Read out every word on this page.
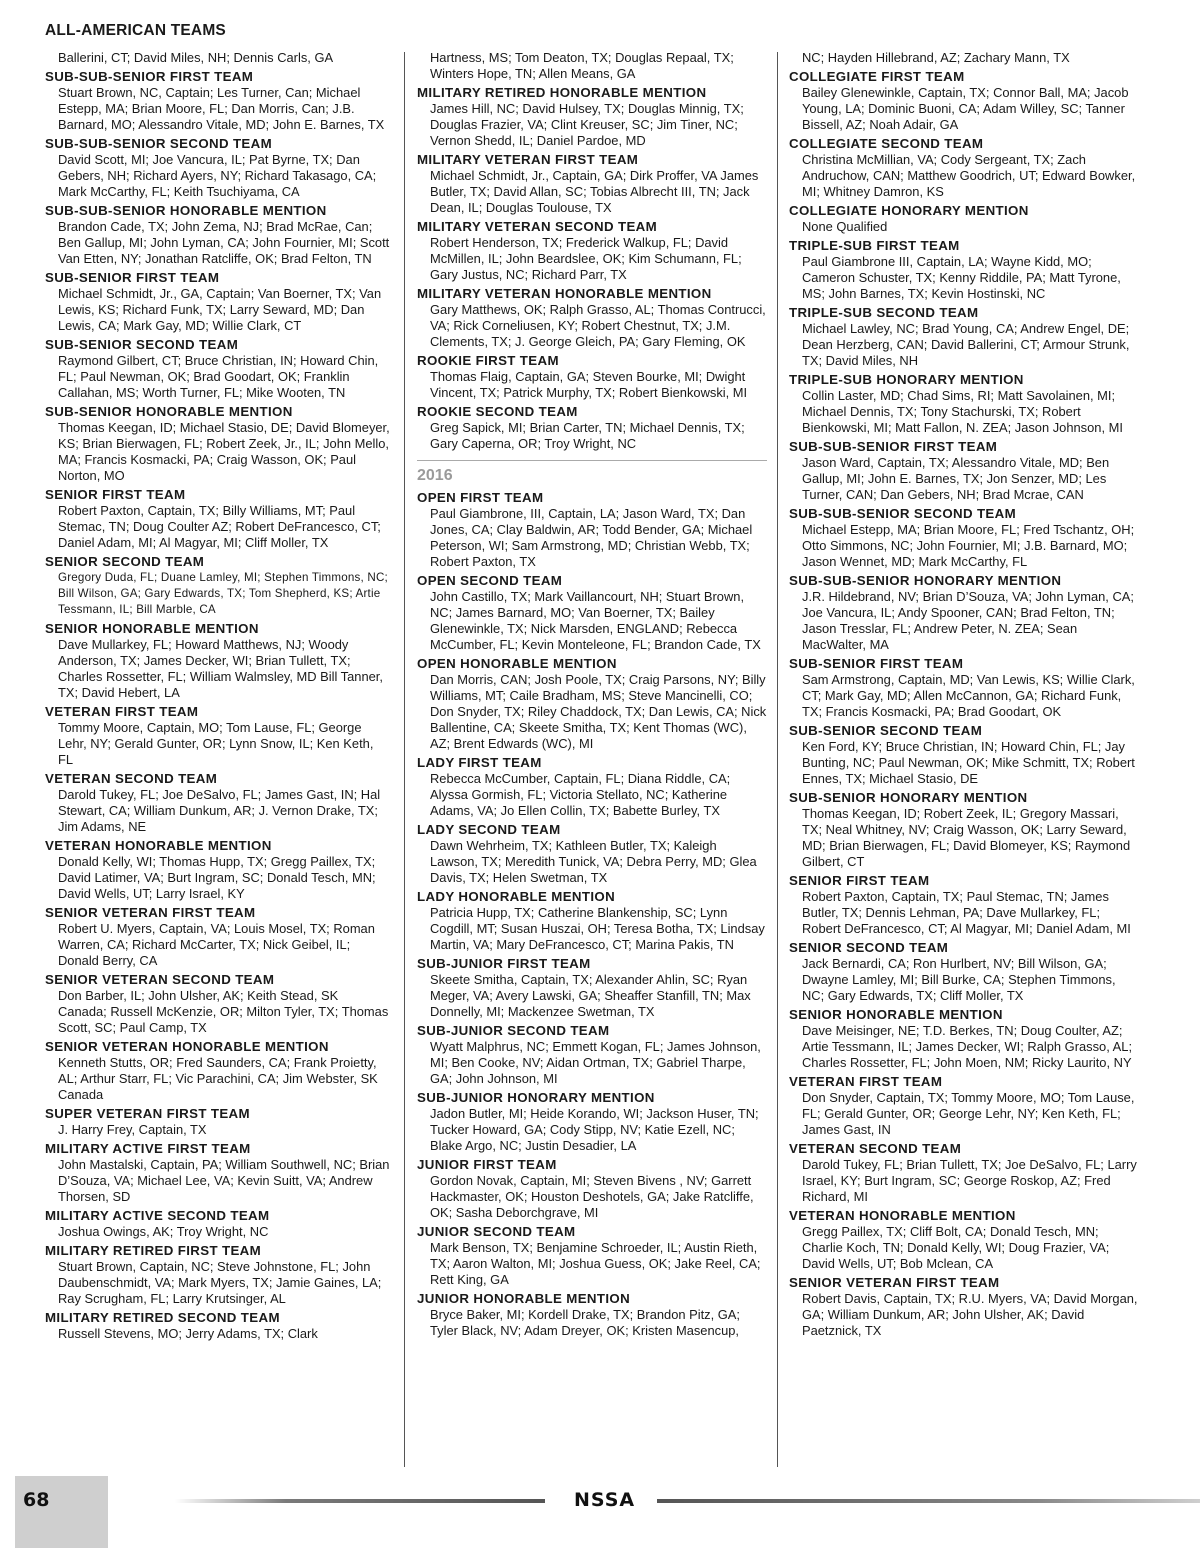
ALL-AMERICAN TEAMS
Ballerini, CT; David Miles, NH; Dennis Carls, GA
SUB-SUB-SENIOR FIRST TEAM
Stuart Brown, NC, Captain; Les Turner, Can; Michael Estepp, MA; Brian Moore, FL; Dan Morris, Can; J.B. Barnard, MO; Alessandro Vitale, MD; John E. Barnes, TX
SUB-SUB-SENIOR SECOND TEAM
David Scott, MI; Joe Vancura, IL; Pat Byrne, TX; Dan Gebers, NH; Richard Ayers, NY; Richard Takasago, CA; Mark McCarthy, FL; Keith Tsuchiyama, CA
SUB-SUB-SENIOR HONORABLE MENTION
Brandon Cade, TX; John Zema, NJ; Brad McRae, Can; Ben Gallup, MI; John Lyman, CA; John Fournier, MI; Scott Van Etten, NY; Jonathan Ratcliffe, OK; Brad Felton, TN
SUB-SENIOR FIRST TEAM
Michael Schmidt, Jr., GA, Captain; Van Boerner, TX; Van Lewis, KS; Richard Funk, TX; Larry Seward, MD; Dan Lewis, CA; Mark Gay, MD; Willie Clark, CT
SUB-SENIOR SECOND TEAM
Raymond Gilbert, CT; Bruce Christian, IN; Howard Chin, FL; Paul Newman, OK; Brad Goodart, OK; Franklin Callahan, MS; Worth Turner, FL; Mike Wooten, TN
SUB-SENIOR HONORABLE MENTION
Thomas Keegan, ID; Michael Stasio, DE; David Blomeyer, KS; Brian Bierwagen, FL; Robert Zeek, Jr., IL; John Mello, MA; Francis Kosmacki, PA; Craig Wasson, OK; Paul Norton, MO
SENIOR FIRST TEAM
Robert Paxton, Captain, TX; Billy Williams, MT; Paul Stemac, TN; Doug Coulter AZ; Robert DeFrancesco, CT; Daniel Adam, MI; Al Magyar, MI; Cliff Moller, TX
SENIOR SECOND TEAM
Gregory Duda, FL; Duane Lamley, MI; Stephen Timmons, NC; Bill Wilson, GA; Gary Edwards, TX; Tom Shepherd, KS; Artie Tessmann, IL; Bill Marble, CA
SENIOR HONORABLE MENTION
Dave Mullarkey, FL; Howard Matthews, NJ; Woody Anderson, TX; James Decker, WI; Brian Tullett, TX; Charles Rossetter, FL; William Walmsley, MD Bill Tanner, TX; David Hebert, LA
VETERAN FIRST TEAM
Tommy Moore, Captain, MO; Tom Lause, FL; George Lehr, NY; Gerald Gunter, OR; Lynn Snow, IL; Ken Keth, FL
VETERAN SECOND TEAM
Darold Tukey, FL; Joe DeSalvo, FL; James Gast, IN; Hal Stewart, CA; William Dunkum, AR; J. Vernon Drake, TX; Jim Adams, NE
VETERAN HONORABLE MENTION
Donald Kelly, WI; Thomas Hupp, TX; Gregg Paillex, TX; David Latimer, VA; Burt Ingram, SC; Donald Tesch, MN; David Wells, UT; Larry Israel, KY
SENIOR VETERAN FIRST TEAM
Robert U. Myers, Captain, VA; Louis Mosel, TX; Roman Warren, CA; Richard McCarter, TX; Nick Geibel, IL; Donald Berry, CA
SENIOR VETERAN SECOND TEAM
Don Barber, IL; John Ulsher, AK; Keith Stead, SK Canada; Russell McKenzie, OR; Milton Tyler, TX; Thomas Scott, SC; Paul Camp, TX
SENIOR VETERAN HONORABLE MENTION
Kenneth Stutts, OR; Fred Saunders, CA; Frank Proietty, AL; Arthur Starr, FL; Vic Parachini, CA; Jim Webster, SK Canada
SUPER VETERAN FIRST TEAM
J. Harry Frey, Captain, TX
MILITARY ACTIVE FIRST TEAM
John Mastalski, Captain, PA; William Southwell, NC; Brian D’Souza, VA; Michael Lee, VA; Kevin Suitt, VA; Andrew Thorsen, SD
MILITARY ACTIVE SECOND TEAM
Joshua Owings, AK; Troy Wright, NC
MILITARY RETIRED FIRST TEAM
Stuart Brown, Captain, NC; Steve Johnstone, FL; John Daubenschmidt, VA; Mark Myers, TX; Jamie Gaines, LA; Ray Scrugham, FL; Larry Krutsinger, AL
MILITARY RETIRED SECOND TEAM
Russell Stevens, MO; Jerry Adams, TX; Clark
Hartness, MS; Tom Deaton, TX; Douglas Repaal, TX; Winters Hope, TN; Allen Means, GA
MILITARY RETIRED HONORABLE MENTION
James Hill, NC; David Hulsey, TX; Douglas Minnig, TX; Douglas Frazier, VA; Clint Kreuser, SC; Jim Tiner, NC; Vernon Shedd, IL; Daniel Pardoe, MD
MILITARY VETERAN FIRST TEAM
Michael Schmidt, Jr., Captain, GA; Dirk Proffer, VA James Butler, TX; David Allan, SC; Tobias Albrecht III, TN; Jack Dean, IL; Douglas Toulouse, TX
MILITARY VETERAN SECOND TEAM
Robert Henderson, TX; Frederick Walkup, FL; David McMillen, IL; John Beardslee, OK; Kim Schumann, FL; Gary Justus, NC; Richard Parr, TX
MILITARY VETERAN HONORABLE MENTION
Gary Matthews, OK; Ralph Grasso, AL; Thomas Contrucci, VA; Rick Corneliusen, KY; Robert Chestnut, TX; J.M. Clements, TX; J. George Gleich, PA; Gary Fleming, OK
ROOKIE FIRST TEAM
Thomas Flaig, Captain, GA; Steven Bourke, MI; Dwight Vincent, TX; Patrick Murphy, TX; Robert Bienkowski, MI
ROOKIE SECOND TEAM
Greg Sapick, MI; Brian Carter, TN; Michael Dennis, TX; Gary Caperna, OR; Troy Wright, NC
2016
OPEN FIRST TEAM
Paul Giambrone, III, Captain, LA; Jason Ward, TX; Dan Jones, CA; Clay Baldwin, AR; Todd Bender, GA; Michael Peterson, WI; Sam Armstrong, MD; Christian Webb, TX; Robert Paxton, TX
OPEN SECOND TEAM
John Castillo, TX; Mark Vaillancourt, NH; Stuart Brown, NC; James Barnard, MO; Van Boerner, TX; Bailey Glenewinkle, TX; Nick Marsden, ENGLAND; Rebecca McCumber, FL; Kevin Monteleone, FL; Brandon Cade, TX
OPEN HONORABLE MENTION
Dan Morris, CAN; Josh Poole, TX; Craig Parsons, NY; Billy Williams, MT; Caile Bradham, MS; Steve Mancinelli, CO; Don Snyder, TX; Riley Chaddock, TX; Dan Lewis, CA; Nick Ballentine, CA; Skeete Smitha, TX; Kent Thomas (WC), AZ; Brent Edwards (WC), MI
LADY FIRST TEAM
Rebecca McCumber, Captain, FL; Diana Riddle, CA; Alyssa Gormish, FL; Victoria Stellato, NC; Katherine Adams, VA; Jo Ellen Collin, TX; Babette Burley, TX
LADY SECOND TEAM
Dawn Wehrheim, TX; Kathleen Butler, TX; Kaleigh Lawson, TX; Meredith Tunick, VA; Debra Perry, MD; Glea Davis, TX; Helen Swetman, TX
LADY HONORABLE MENTION
Patricia Hupp, TX; Catherine Blankenship, SC; Lynn Cogdill, MT; Susan Huszai, OH; Teresa Botha, TX; Lindsay Martin, VA; Mary DeFrancesco, CT; Marina Pakis, TN
SUB-JUNIOR FIRST TEAM
Skeete Smitha, Captain, TX; Alexander Ahlin, SC; Ryan Meger, VA; Avery Lawski, GA; Sheaffer Stanfill, TN; Max Donnelly, MI; Mackenzee Swetman, TX
SUB-JUNIOR SECOND TEAM
Wyatt Malphrus, NC; Emmett Kogan, FL; James Johnson, MI; Ben Cooke, NV; Aidan Ortman, TX; Gabriel Tharpe, GA; John Johnson, MI
SUB-JUNIOR HONORARY MENTION
Jadon Butler, MI; Heide Korando, WI; Jackson Huser, TN; Tucker Howard, GA; Cody Stipp, NV; Katie Ezell, NC; Blake Argo, NC; Justin Desadier, LA
JUNIOR FIRST TEAM
Gordon Novak, Captain, MI; Steven Bivens , NV; Garrett Hackmaster, OK; Houston Deshotels, GA; Jake Ratcliffe, OK; Sasha Deborchgrave, MI
JUNIOR SECOND TEAM
Mark Benson, TX; Benjamine Schroeder, IL; Austin Rieth, TX; Aaron Walton, MI; Joshua Guess, OK; Jake Reel, CA; Rett King, GA
JUNIOR HONORABLE MENTION
Bryce Baker, MI; Kordell Drake, TX; Brandon Pitz, GA; Tyler Black, NV; Adam Dreyer, OK; Kristen Masencup,
NC; Hayden Hillebrand, AZ; Zachary Mann, TX
COLLEGIATE FIRST TEAM
Bailey Glenewinkle, Captain, TX; Connor Ball, MA; Jacob Young, LA; Dominic Buoni, CA; Adam Willey, SC; Tanner Bissell, AZ; Noah Adair, GA
COLLEGIATE SECOND TEAM
Christina McMillian, VA; Cody Sergeant, TX; Zach Andruchow, CAN; Matthew Goodrich, UT; Edward Bowker, MI; Whitney Damron, KS
COLLEGIATE HONORARY MENTION
None Qualified
TRIPLE-SUB FIRST TEAM
Paul Giambrone III, Captain, LA; Wayne Kidd, MO; Cameron Schuster, TX; Kenny Riddile, PA; Matt Tyrone, MS; John Barnes, TX; Kevin Hostinski, NC
TRIPLE-SUB SECOND TEAM
Michael Lawley, NC; Brad Young, CA; Andrew Engel, DE; Dean Herzberg, CAN; David Ballerini, CT; Armour Strunk, TX; David Miles, NH
TRIPLE-SUB HONORARY MENTION
Collin Laster, MD; Chad Sims, RI; Matt Savolainen, MI; Michael Dennis, TX; Tony Stachurski, TX; Robert Bienkowski, MI; Matt Fallon, N. ZEA; Jason Johnson, MI
SUB-SUB-SENIOR FIRST TEAM
Jason Ward, Captain, TX; Alessandro Vitale, MD; Ben Gallup, MI; John E. Barnes, TX; Jon Senzer, MD; Les Turner, CAN; Dan Gebers, NH; Brad Mcrae, CAN
SUB-SUB-SENIOR SECOND TEAM
Michael Estepp, MA; Brian Moore, FL; Fred Tschantz, OH; Otto Simmons, NC; John Fournier, MI; J.B. Barnard, MO; Jason Wennet, MD; Mark McCarthy, FL
SUB-SUB-SENIOR HONORARY MENTION
J.R. Hildebrand, NV; Brian D’Souza, VA; John Lyman, CA; Joe Vancura, IL; Andy Spooner, CAN; Brad Felton, TN; Jason Tresslar, FL; Andrew Peter, N. ZEA; Sean MacWalter, MA
SUB-SENIOR FIRST TEAM
Sam Armstrong, Captain, MD; Van Lewis, KS; Willie Clark, CT; Mark Gay, MD; Allen McCannon, GA; Richard Funk, TX; Francis Kosmacki, PA; Brad Goodart, OK
SUB-SENIOR SECOND TEAM
Ken Ford, KY; Bruce Christian, IN; Howard Chin, FL; Jay Bunting, NC; Paul Newman, OK; Mike Schmitt, TX; Robert Ennes, TX; Michael Stasio, DE
SUB-SENIOR HONORARY MENTION
Thomas Keegan, ID; Robert Zeek, IL; Gregory Massari, TX; Neal Whitney, NV; Craig Wasson, OK; Larry Seward, MD; Brian Bierwagen, FL; David Blomeyer, KS; Raymond Gilbert, CT
SENIOR FIRST TEAM
Robert Paxton, Captain, TX; Paul Stemac, TN; James Butler, TX; Dennis Lehman, PA; Dave Mullarkey, FL; Robert DeFrancesco, CT; Al Magyar, MI; Daniel Adam, MI
SENIOR SECOND TEAM
Jack Bernardi, CA; Ron Hurlbert, NV; Bill Wilson, GA; Dwayne Lamley, MI; Bill Burke, CA; Stephen Timmons, NC; Gary Edwards, TX; Cliff Moller, TX
SENIOR HONORABLE MENTION
Dave Meisinger, NE; T.D. Berkes, TN; Doug Coulter, AZ; Artie Tessmann, IL; James Decker, WI; Ralph Grasso, AL; Charles Rossetter, FL; John Moen, NM; Ricky Laurito, NY
VETERAN FIRST TEAM
Don Snyder, Captain, TX; Tommy Moore, MO; Tom Lause, FL; Gerald Gunter, OR; George Lehr, NY; Ken Keth, FL; James Gast, IN
VETERAN SECOND TEAM
Darold Tukey, FL; Brian Tullett, TX; Joe DeSalvo, FL; Larry Israel, KY; Burt Ingram, SC; George Roskop, AZ; Fred Richard, MI
VETERAN HONORABLE MENTION
Gregg Paillex, TX; Cliff Bolt, CA; Donald Tesch, MN; Charlie Koch, TN; Donald Kelly, WI; Doug Frazier, VA; David Wells, UT; Bob Mclean, CA
SENIOR VETERAN FIRST TEAM
Robert Davis, Captain, TX; R.U. Myers, VA; David Morgan, GA; William Dunkum, AR; John Ulsher, AK; David Paetznick, TX
68	NSSA
